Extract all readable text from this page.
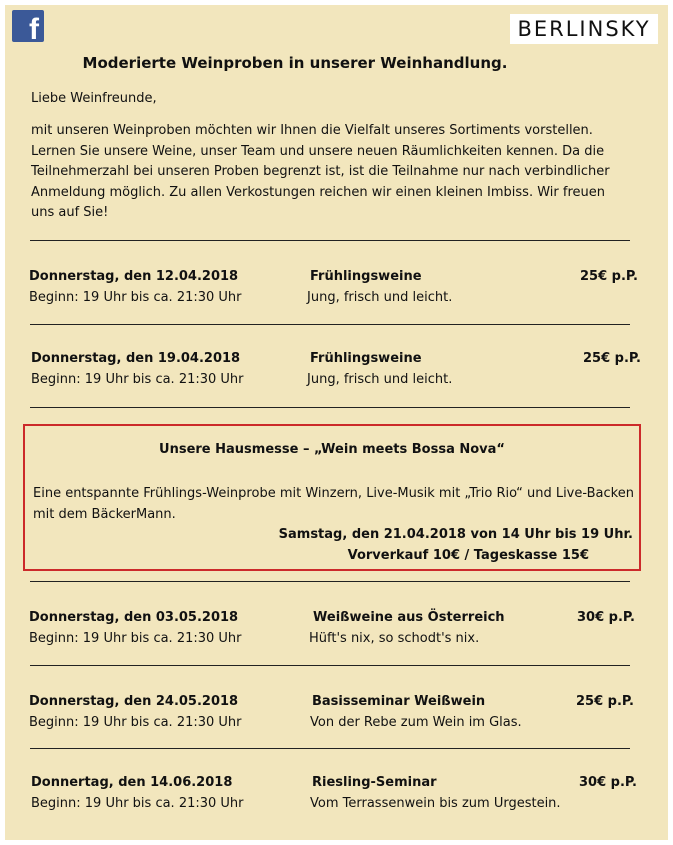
f	BERLINSKY
Moderierte Weinproben in unserer Weinhandlung.
Liebe Weinfreunde,
mit unseren Weinproben möchten wir Ihnen die Vielfalt unseres Sortiments vorstellen. Lernen Sie unsere Weine, unser Team und unsere neuen Räumlichkeiten kennen. Da die Teilnehmerzahl bei unseren Proben begrenzt ist, ist die Teilnahme nur nach verbindlicher Anmeldung möglich. Zu allen Verkostungen reichen wir einen kleinen Imbiss. Wir freuen uns auf Sie!
Donnerstag, den 12.04.2018
Beginn: 19 Uhr bis ca. 21:30 Uhr
Frühlingsweine
Jung, frisch und leicht.
25€ p.P.
Donnerstag, den 19.04.2018
Beginn: 19 Uhr bis ca. 21:30 Uhr
Frühlingsweine
Jung, frisch und leicht.
25€ p.P.
Unsere Hausmesse – „Wein meets Bossa Nova“
Eine entspannte Frühlings-Weinprobe mit Winzern, Live-Musik mit „Trio Rio“ und Live-Backen mit dem BäckerMann.
Samstag, den 21.04.2018 von 14 Uhr bis 19 Uhr.
Vorverkauf 10€ / Tageskasse 15€
Donnerstag, den 03.05.2018
Beginn: 19 Uhr bis ca. 21:30 Uhr
Weißweine aus Österreich
Hüft's nix, so schodt's nix.
30€ p.P.
Donnerstag, den 24.05.2018
Beginn: 19 Uhr bis ca. 21:30 Uhr
Basisseminar Weißwein
Von der Rebe zum Wein im Glas.
25€ p.P.
Donnertag, den 14.06.2018
Beginn: 19 Uhr bis ca. 21:30 Uhr
Riesling-Seminar
Vom Terrassenwein bis zum Urgestein.
30€ p.P.
